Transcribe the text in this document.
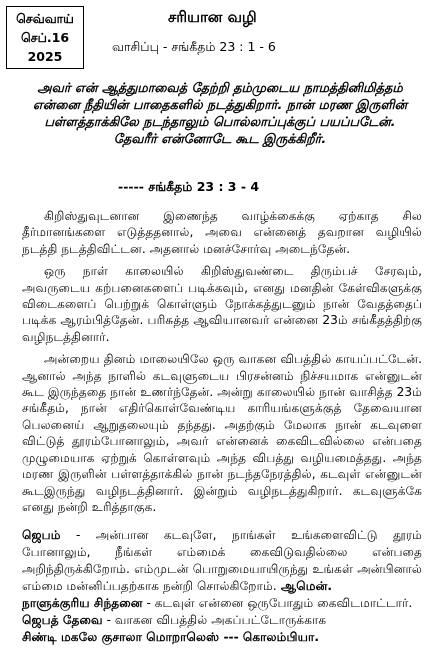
செவ்வாய்
செப்.16
2025
சரியான வழி
வாசிப்பு - சங்கீதம் 23 : 1 - 6
அவர் என் ஆத்துமாவைத் தேற்றி தம்முடைய நாமத்தினிமித்தம் என்னை நீதியின் பாதைகளில் நடத்துகிறார். நான் மரண இருளின் பள்ளத்தாக்கிலே நடந்தாலும் பொல்லாப்புக்குப் பயப்படேன். தேவரீர் என்னோடே கூட இருக்கிறீர்.
----- சங்கீதம் 23 : 3 - 4

கிறிஸ்துவுடனான இணைந்த வாழ்க்கைக்கு ஏற்காத சில தீர்மானங்களை எடுத்ததனால், அவை என்னைத் தவறான வழியில் நடத்தி நடத்திவிட்டன. அதனால் மனச்சோர்வு அடைந்தேன்.

ஒரு நாள் காலையில் கிறிஸ்துவண்டை திரும்பச் சேரவும், அவருடைய கற்பனைகளைப் படிக்கவும், எனது மனதின் கேள்விகளுக்கு விடைகளைப் பெற்றுக் கொள்ளும் நோக்கத்துடனும் நான் வேதத்தைப் படிக்க ஆரம்பித்தேன். பரிசுத்த ஆவியானவர் என்னை 23ம் சங்கீதத்திற்கு வழிநடத்தினார்.

அன்றைய தினம் மாலையிலே ஒரு வாகன விபத்தில் காயப்பட்டேன். ஆனால் அந்த நாளில் கடவுளுடைய பிரசன்னம் நிச்சயமாக என்னுடன் கூட இருந்ததை நான் உணர்ந்தேன். அன்று காலையில் நான் வாசித்த 23ம் சங்கீதம், நான் எதிர்கொள்வேண்டிய காரியங்களுக்குத் தேவையான பெலனைய் ஆறுதலையும் தந்தது. அதற்கும் மேலாக நான் கடவுளை விட்டுத் தூரம்போனாலும், அவர் என்னைக் கைவிடவில்லை என்பதை முழுமையாக ஏற்றுக் கொள்ளவும் அந்த விபத்து வழியமைத்தது. அந்த மரண இருளின் பள்ளத்தாக்கில் நான் நடந்தநேரத்தில், கடவுள் என்னுடன் கூடஇருந்து வழிநடத்தினார். இன்றும் வழிநடத்துகிறார். கடவுளுக்கே எனது நன்றி உரித்தாகுக.

ஜெபம் - அன்பான கடவுளே, நாங்கள் உங்களைவிட்டு தூரம் போனாலும், நீங்கள் எம்மைக் கைவிடுவதில்லை என்பதை அறிந்திருக்கிறோம். எம்முடன் பொறுமையாயிருந்து உங்கள் அன்பினால் எம்மை மன்னிப்பதற்காக நன்றி சொல்கிறோம். ஆமென்.

நாளுக்குரிய சிந்தனை - கடவுள் என்னை ஒருபோதும் கைவிடமாட்டார்.

ஜெபத் தேவை - வாகன விபத்தில் அகப்பட்டோருக்காக

சிண்டி மகலே குசாலா மொறாலெஸ் --- கொலம்பியா.
